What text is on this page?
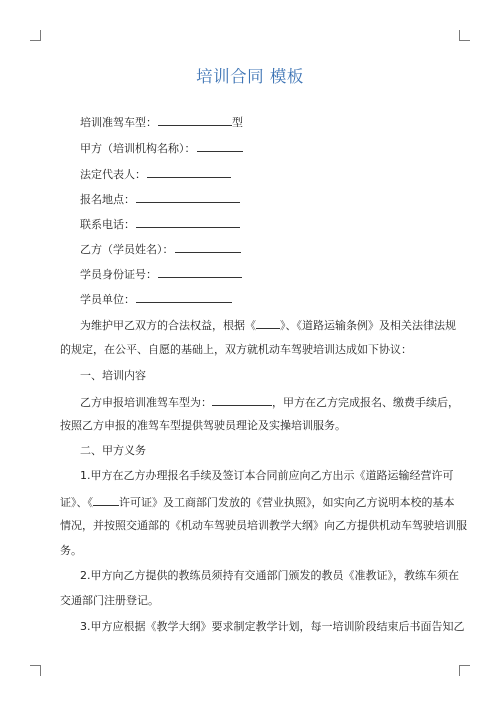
培训合同 模板
培训准驾车型：	型
甲方（培训机构名称）：
法定代表人：
报名地点：
联系电话：
乙方（学员姓名）：
学员身份证号：
学员单位：
为维护甲乙双方的合法权益，根据《 》、《道路运输条例》及相关法律法规
的规定，在公平、自愿的基础上，双方就机动车驾驶培训达成如下协议：
一、培训内容
乙方申报培训准驾车型为：	，甲方在乙方完成报名、缴费手续后，
按照乙方申报的准驾车型提供驾驶员理论及实操培训服务。
二、甲方义务
1.甲方在乙方办理报名手续及签订本合同前应向乙方出示《道路运输经营许可
证》、《 许可证》及工商部门发放的《营业执照》，如实向乙方说明本校的基本
情况，并按照交通部的《机动车驾驶员培训教学大纲》向乙方提供机动车驾驶培训服
务。
2.甲方向乙方提供的教练员须持有交通部门颁发的教员《准教证》，教练车须在
交通部门注册登记。
3.甲方应根据《教学大纲》要求制定教学计划，每一培训阶段结束后书面告知乙
